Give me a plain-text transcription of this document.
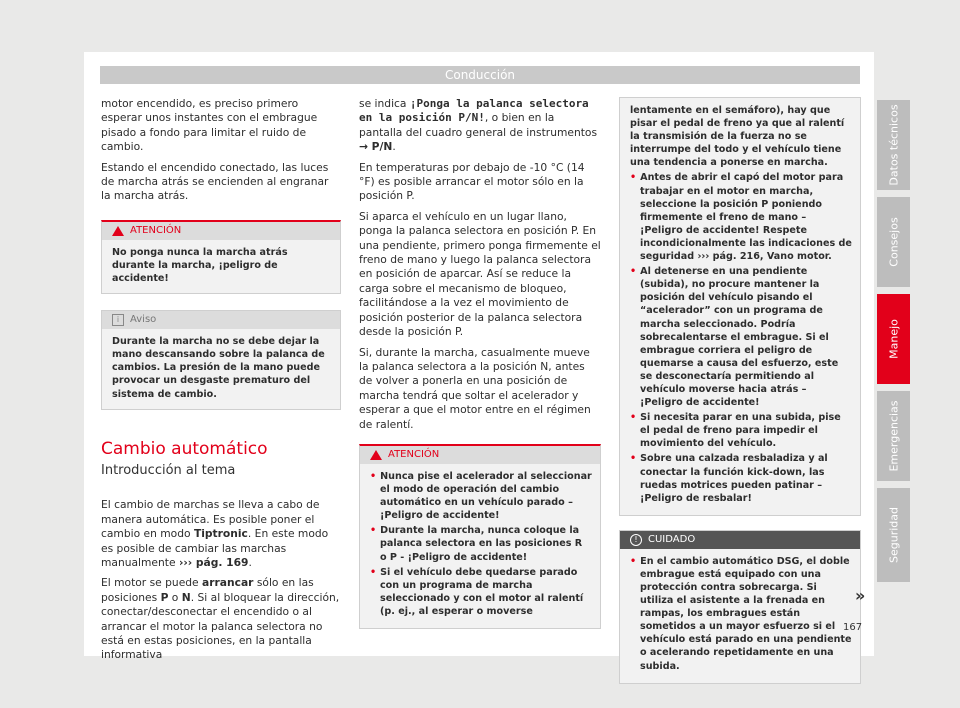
Conducción

motor encendido, es preciso primero esperar unos instantes con el embrague pisado a fondo para limitar el ruido de cambio.

Estando el encendido conectado, las luces de marcha atrás se encienden al engranar la marcha atrás.

ATENCIÓN
No ponga nunca la marcha atrás durante la marcha, ¡peligro de accidente!
i	Aviso
Durante la marcha no se debe dejar la mano descansando sobre la palanca de cambios. La presión de la mano puede provocar un desgaste prematuro del sistema de cambio.
Cambio automático
Introducción al tema

El cambio de marchas se lleva a cabo de manera automática. Es posible poner el cambio en modo Tiptronic. En este modo es posible de cambiar las marchas manualmente ››› pág. 169.

El motor se puede arrancar sólo en las posiciones P o N. Si al bloquear la dirección, conectar/desconectar el encendido o al arrancar el motor la palanca selectora no está en estas posiciones, en la pantalla informativa

se indica ¡Ponga la palanca selectora en la posición P/N!, o bien en la pantalla del cuadro general de instrumentos
→ P/N.

En temperaturas por debajo de -10 °C (14 °F) es posible arrancar el motor sólo en la posición P.

Si aparca el vehículo en un lugar llano, ponga la palanca selectora en posición P. En una pendiente, primero ponga firmemente el freno de mano y luego la palanca selectora en posición de aparcar. Así se reduce la carga sobre el mecanismo de bloqueo, facilitándose a la vez el movimiento de posición posterior de la palanca selectora desde la posición P.

Si, durante la marcha, casualmente mueve la palanca selectora a la posición N, antes de volver a ponerla en una posición de marcha tendrá que soltar el acelerador y esperar a que el motor entre en el régimen de ralentí.

ATENCIÓN
• Nunca pise el acelerador al seleccionar el modo de operación del cambio automático en un vehículo parado – ¡Peligro de accidente!
• Durante la marcha, nunca coloque la palanca selectora en las posiciones R o P - ¡Peligro de accidente!
• Si el vehículo debe quedarse parado con un programa de marcha seleccionado y con el motor al ralentí (p. ej., al esperar o moverse
lentamente en el semáforo), hay que pisar el pedal de freno ya que al ralentí la transmisión de la fuerza no se interrumpe del todo y el vehículo tiene una tendencia a ponerse en marcha.
• Antes de abrir el capó del motor para trabajar en el motor en marcha, seleccione la posición P poniendo firmemente el freno de mano – ¡Peligro de accidente! Respete incondicionalmente las indicaciones de seguridad ››› pág. 216, Vano motor.
• Al detenerse en una pendiente (subida), no procure mantener la posición del vehículo pisando el “acelerador” con un programa de marcha seleccionado. Podría sobrecalentarse el embrague. Si el embrague corriera el peligro de quemarse a causa del esfuerzo, este se desconectaría permitiendo al vehículo moverse hacia atrás – ¡Peligro de accidente!
• Si necesita parar en una subida, pise el pedal de freno para impedir el movimiento del vehículo.
• Sobre una calzada resbaladiza y al conectar la función kick-down, las ruedas motrices pueden patinar – ¡Peligro de resbalar!
!	CUIDADO
• En el cambio automático DSG, el doble embrague está equipado con una protección contra sobrecarga. Si utiliza el asistente a la frenada en rampas, los embragues están sometidos a un mayor esfuerzo si el vehículo está parado en una pendiente o acelerando repetidamente en una subida.
»
Datos técnicos
Consejos
Manejo
Emergencias
Seguridad
167
